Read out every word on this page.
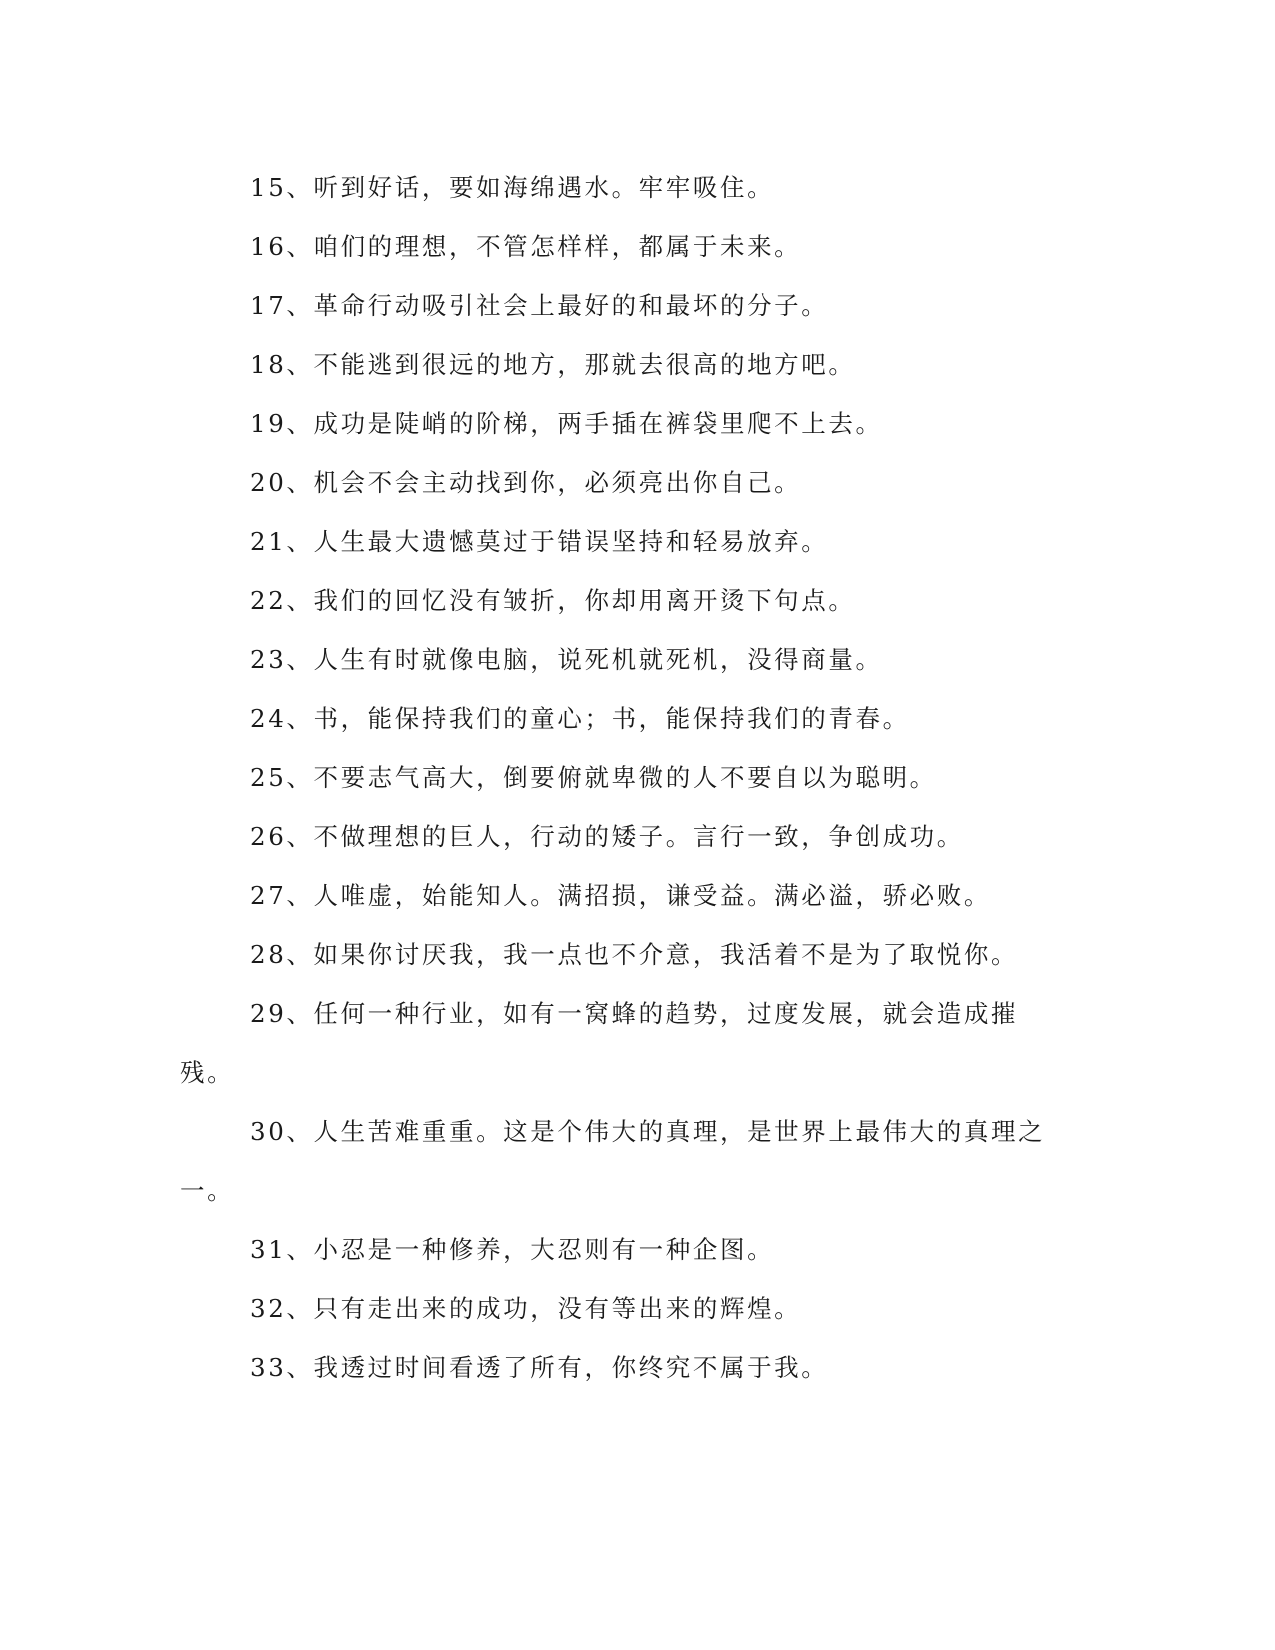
15、听到好话，要如海绵遇水。牢牢吸住。

16、咱们的理想，不管怎样样，都属于未来。

17、革命行动吸引社会上最好的和最坏的分子。

18、不能逃到很远的地方，那就去很高的地方吧。

19、成功是陡峭的阶梯，两手插在裤袋里爬不上去。

20、机会不会主动找到你，必须亮出你自己。

21、人生最大遗憾莫过于错误坚持和轻易放弃。

22、我们的回忆没有皱折，你却用离开烫下句点。

23、人生有时就像电脑，说死机就死机，没得商量。

24、书，能保持我们的童心；书，能保持我们的青春。

25、不要志气高大，倒要俯就卑微的人不要自以为聪明。

26、不做理想的巨人，行动的矮子。言行一致，争创成功。

27、人唯虚，始能知人。满招损，谦受益。满必溢，骄必败。

28、如果你讨厌我，我一点也不介意，我活着不是为了取悦你。

29、任何一种行业，如有一窝蜂的趋势，过度发展，就会造成摧残。

30、人生苦难重重。这是个伟大的真理，是世界上最伟大的真理之一。

31、小忍是一种修养，大忍则有一种企图。

32、只有走出来的成功，没有等出来的辉煌。

33、我透过时间看透了所有，你终究不属于我。
